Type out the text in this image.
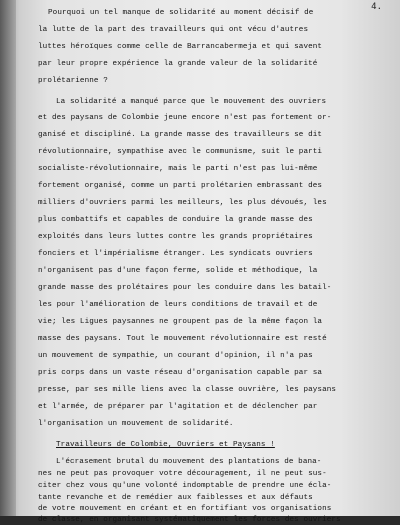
4.
Pourquoi un tel manque de solidarité au moment décisif de
la lutte de la part des travailleurs qui ont vécu d'autres
luttes héroïques comme celle de Barrancabermeja et qui savent
par leur propre expérience la grande valeur de la solidarité
prolétarienne ?
La solidarité a manqué parce que le mouvement des ouvriers
et des paysans de Colombie jeune encore n'est pas fortement or-
ganisé et discipliné. La grande masse des travailleurs se dit
révolutionnaire, sympathise avec le communisme, suit le parti
socialiste-révolutionnaire, mais le parti n'est pas lui-même
fortement organisé, comme un parti prolétarien embrassant des
milliers d'ouvriers parmi les meilleurs, les plus dévoués, les
plus combattifs et capables de conduire la grande masse des
exploités dans leurs luttes contre les grands propriétaires
fonciers et l'impérialisme étranger. Les syndicats ouvriers
n'organisent pas d'une façon ferme, solide et méthodique, la
grande masse des prolétaires pour les conduire dans les batail-
les pour l'amélioration de leurs conditions de travail et de
vie; les Ligues paysannes ne groupent pas de la même façon la
masse des paysans. Tout le mouvement révolutionnaire est resté
un mouvement de sympathie, un courant d'opinion, il n'a pas
pris corps dans un vaste réseau d'organisation capable par sa
presse, par ses mille liens avec la classe ouvrière, les paysans
et l'armée, de préparer par l'agitation et de déclencher par
l'organisation un mouvement de solidarité.
Travailleurs de Colombie, Ouvriers et Paysans !
L'écrasement brutal du mouvement des plantations de bana-
nes ne peut pas provoquer votre découragement, il ne peut sus-
citer chez vous qu'une volonté indomptable de prendre une écla-
tante revanche et de remédier aux faiblesses et aux défauts
de votre mouvement en créant et en fortifiant vos organisations
de classe, en organisant systématiquement les forces des ouvriers
